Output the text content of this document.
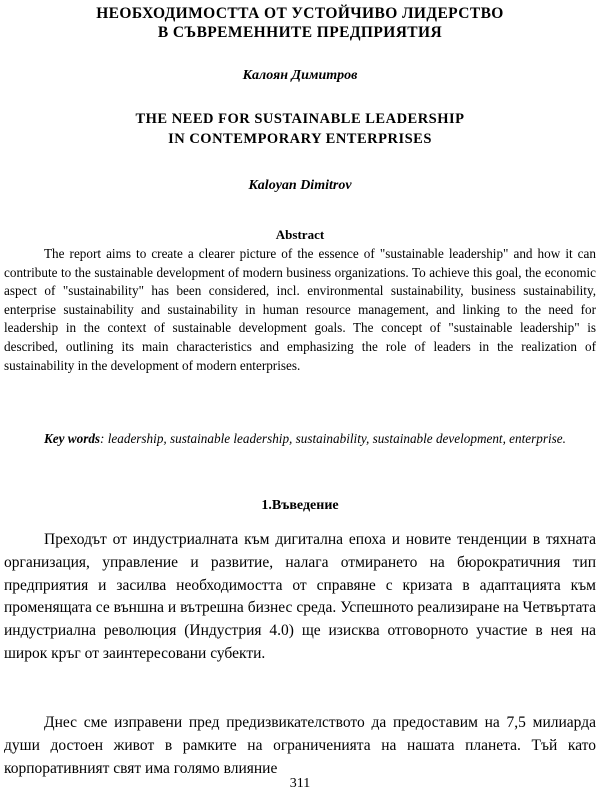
НЕОБХОДИМОСТТА ОТ УСТОЙЧИВО ЛИДЕРСТВО
В СЪВРЕМЕННИТЕ ПРЕДПРИЯТИЯ
Калоян Димитров
THE NEED FOR SUSTAINABLE LEADERSHIP
IN CONTEMPORARY ENTERPRISES
Kaloyan Dimitrov
Abstract

The report aims to create a clearer picture of the essence of "sustainable leadership" and how it can contribute to the sustainable development of modern business organizations. To achieve this goal, the economic aspect of "sustainability" has been considered, incl. environmental sustainability, business sustainability, enterprise sustainability and sustainability in human resource management, and linking to the need for leadership in the context of sustainable development goals. The concept of "sustainable leadership" is described, outlining its main characteristics and emphasizing the role of leaders in the realization of sustainability in the development of modern enterprises.

Key words: leadership, sustainable leadership, sustainability, sustainable development, enterprise.

1.Въведение

Преходът от индустриалната към дигитална епоха и новите тенденции в тяхната организация, управление и развитие, налага отмирането на бюрократичния тип предприятия и засилва необходимостта от справяне с кризата в адаптацията към променящата се външна и вътрешна бизнес среда. Успешното реализиране на Четвъртата индустриална революция (Индустрия 4.0) ще изисква отговорното участие в нея на широк кръг от заинтересовани субекти.

Днес сме изправени пред предизвикателството да предоставим на 7,5 милиарда души достоен живот в рамките на ограниченията на нашата планета. Тъй като корпоративният свят има голямо влияние

311
